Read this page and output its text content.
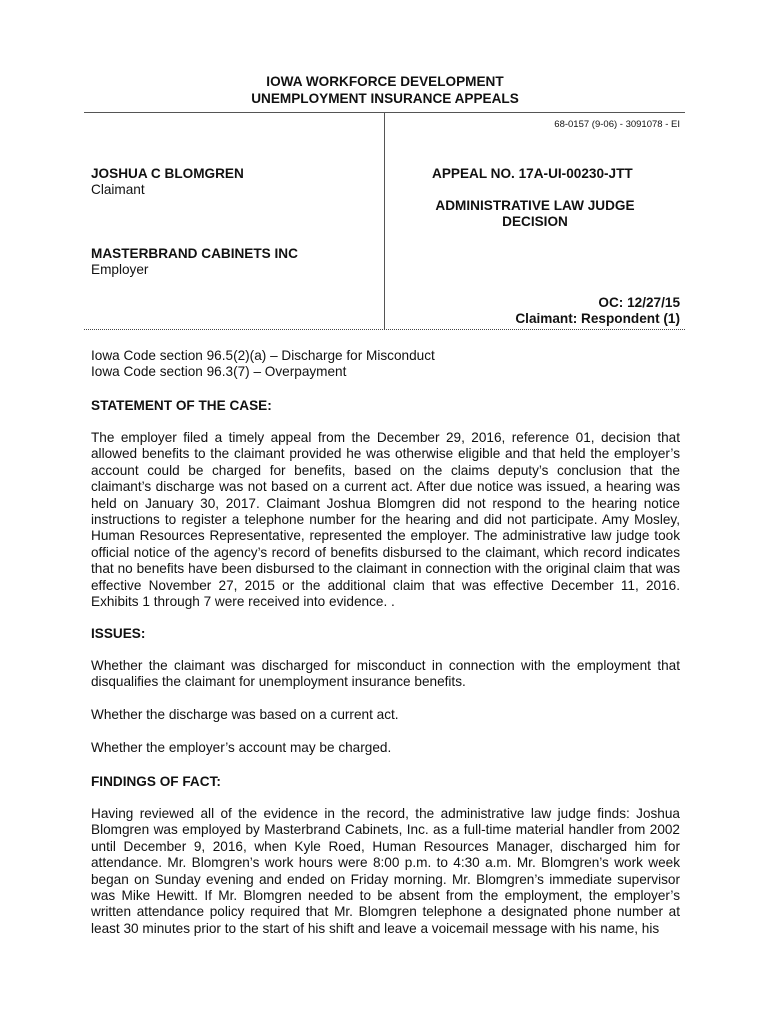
IOWA WORKFORCE DEVELOPMENT
UNEMPLOYMENT INSURANCE APPEALS
68-0157 (9-06) - 3091078 - EI
JOSHUA C BLOMGREN
Claimant
MASTERBRAND CABINETS INC
Employer
APPEAL NO. 17A-UI-00230-JTT
ADMINISTRATIVE LAW JUDGE
DECISION
OC: 12/27/15
Claimant: Respondent (1)
Iowa Code section 96.5(2)(a) – Discharge for Misconduct
Iowa Code section 96.3(7) – Overpayment
STATEMENT OF THE CASE:

The employer filed a timely appeal from the December 29, 2016, reference 01, decision that allowed benefits to the claimant provided he was otherwise eligible and that held the employer’s account could be charged for benefits, based on the claims deputy’s conclusion that the claimant’s discharge was not based on a current act. After due notice was issued, a hearing was held on January 30, 2017. Claimant Joshua Blomgren did not respond to the hearing notice instructions to register a telephone number for the hearing and did not participate. Amy Mosley, Human Resources Representative, represented the employer. The administrative law judge took official notice of the agency’s record of benefits disbursed to the claimant, which record indicates that no benefits have been disbursed to the claimant in connection with the original claim that was effective November 27, 2015 or the additional claim that was effective December 11, 2016. Exhibits 1 through 7 were received into evidence. .

ISSUES:

Whether the claimant was discharged for misconduct in connection with the employment that disqualifies the claimant for unemployment insurance benefits.

Whether the discharge was based on a current act.

Whether the employer’s account may be charged.

FINDINGS OF FACT:

Having reviewed all of the evidence in the record, the administrative law judge finds: Joshua Blomgren was employed by Masterbrand Cabinets, Inc. as a full-time material handler from 2002 until December 9, 2016, when Kyle Roed, Human Resources Manager, discharged him for attendance. Mr. Blomgren’s work hours were 8:00 p.m. to 4:30 a.m. Mr. Blomgren’s work week began on Sunday evening and ended on Friday morning. Mr. Blomgren’s immediate supervisor was Mike Hewitt. If Mr. Blomgren needed to be absent from the employment, the employer’s written attendance policy required that Mr. Blomgren telephone a designated phone number at least 30 minutes prior to the start of his shift and leave a voicemail message with his name, his
